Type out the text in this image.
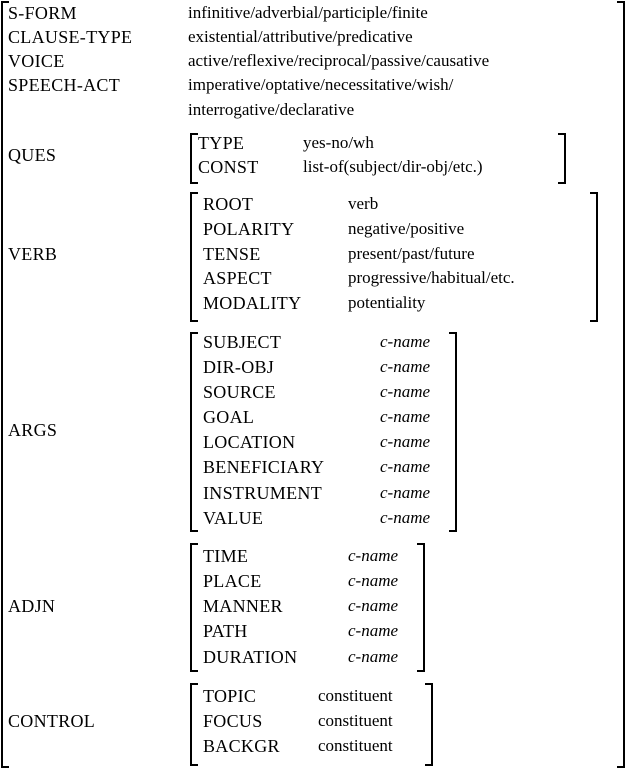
S-FORM	infinitive/adverbial/participle/finite
CLAUSE-TYPE	existential/attributive/predicative
VOICE	active/reflexive/reciprocal/passive/causative
SPEECH-ACT	imperative/optative/necessitative/wish/
interrogative/declarative
QUES
TYPE	yes-no/wh
CONST	list-of(subject/dir-obj/etc.)
VERB
ROOT	verb
POLARITY	negative/positive
TENSE	present/past/future
ASPECT	progressive/habitual/etc.
MODALITY	potentiality
ARGS
SUBJECT	c-name
DIR-OBJ	c-name
SOURCE	c-name
GOAL	c-name
LOCATION	c-name
BENEFICIARY	c-name
INSTRUMENT	c-name
VALUE	c-name
ADJN
TIME	c-name
PLACE	c-name
MANNER	c-name
PATH	c-name
DURATION	c-name
CONTROL
TOPIC	constituent
FOCUS	constituent
BACKGR constituent
